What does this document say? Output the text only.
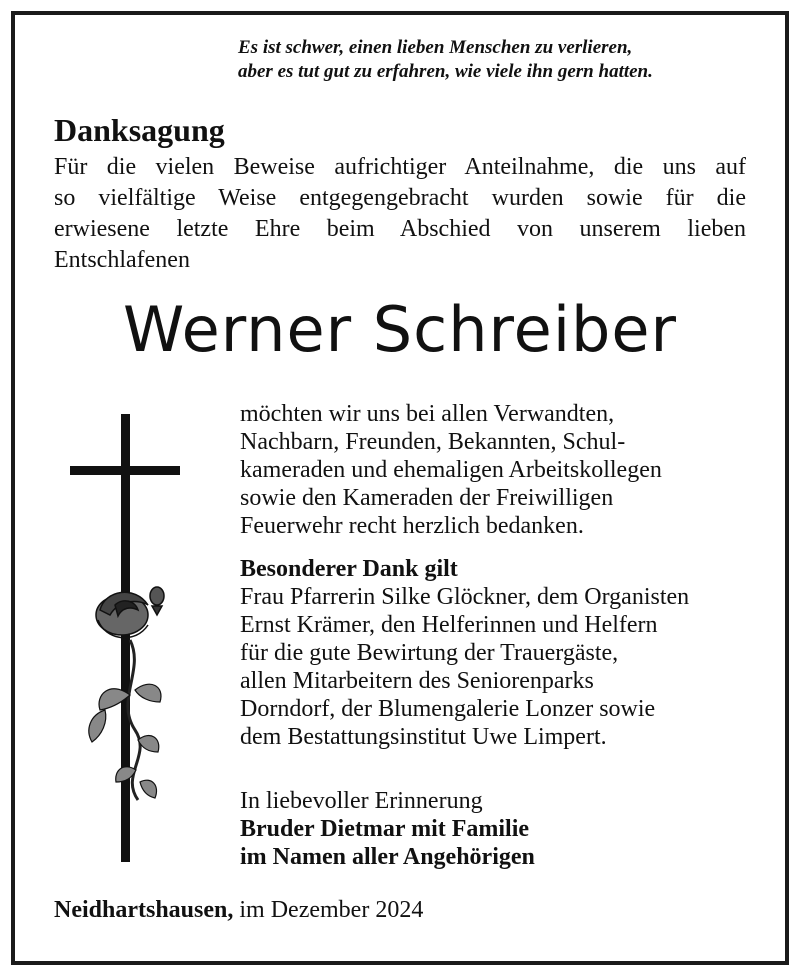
Es ist schwer, einen lieben Menschen zu verlieren,
aber es tut gut zu erfahren, wie viele ihn gern hatten.
Danksagung
Für die vielen Beweise aufrichtiger Anteilnahme, die uns auf
so vielfältige Weise entgegengebracht wurden sowie für die
erwiesene letzte Ehre beim Abschied von unserem lieben
Entschlafenen
Werner Schreiber
möchten wir uns bei allen Verwandten,
Nachbarn, Freunden, Bekannten, Schul-
kameraden und ehemaligen Arbeitskollegen
sowie den Kameraden der Freiwilligen
Feuerwehr recht herzlich bedanken.
Besonderer Dank gilt
Frau Pfarrerin Silke Glöckner, dem Organisten
Ernst Krämer, den Helferinnen und Helfern
für die gute Bewirtung der Trauergäste,
allen Mitarbeitern des Seniorenparks
Dorndorf, der Blumengalerie Lonzer sowie
dem Bestattungsinstitut Uwe Limpert.
In liebevoller Erinnerung
Bruder Dietmar mit Familie
im Namen aller Angehörigen
Neidhartshausen, im Dezember 2024
